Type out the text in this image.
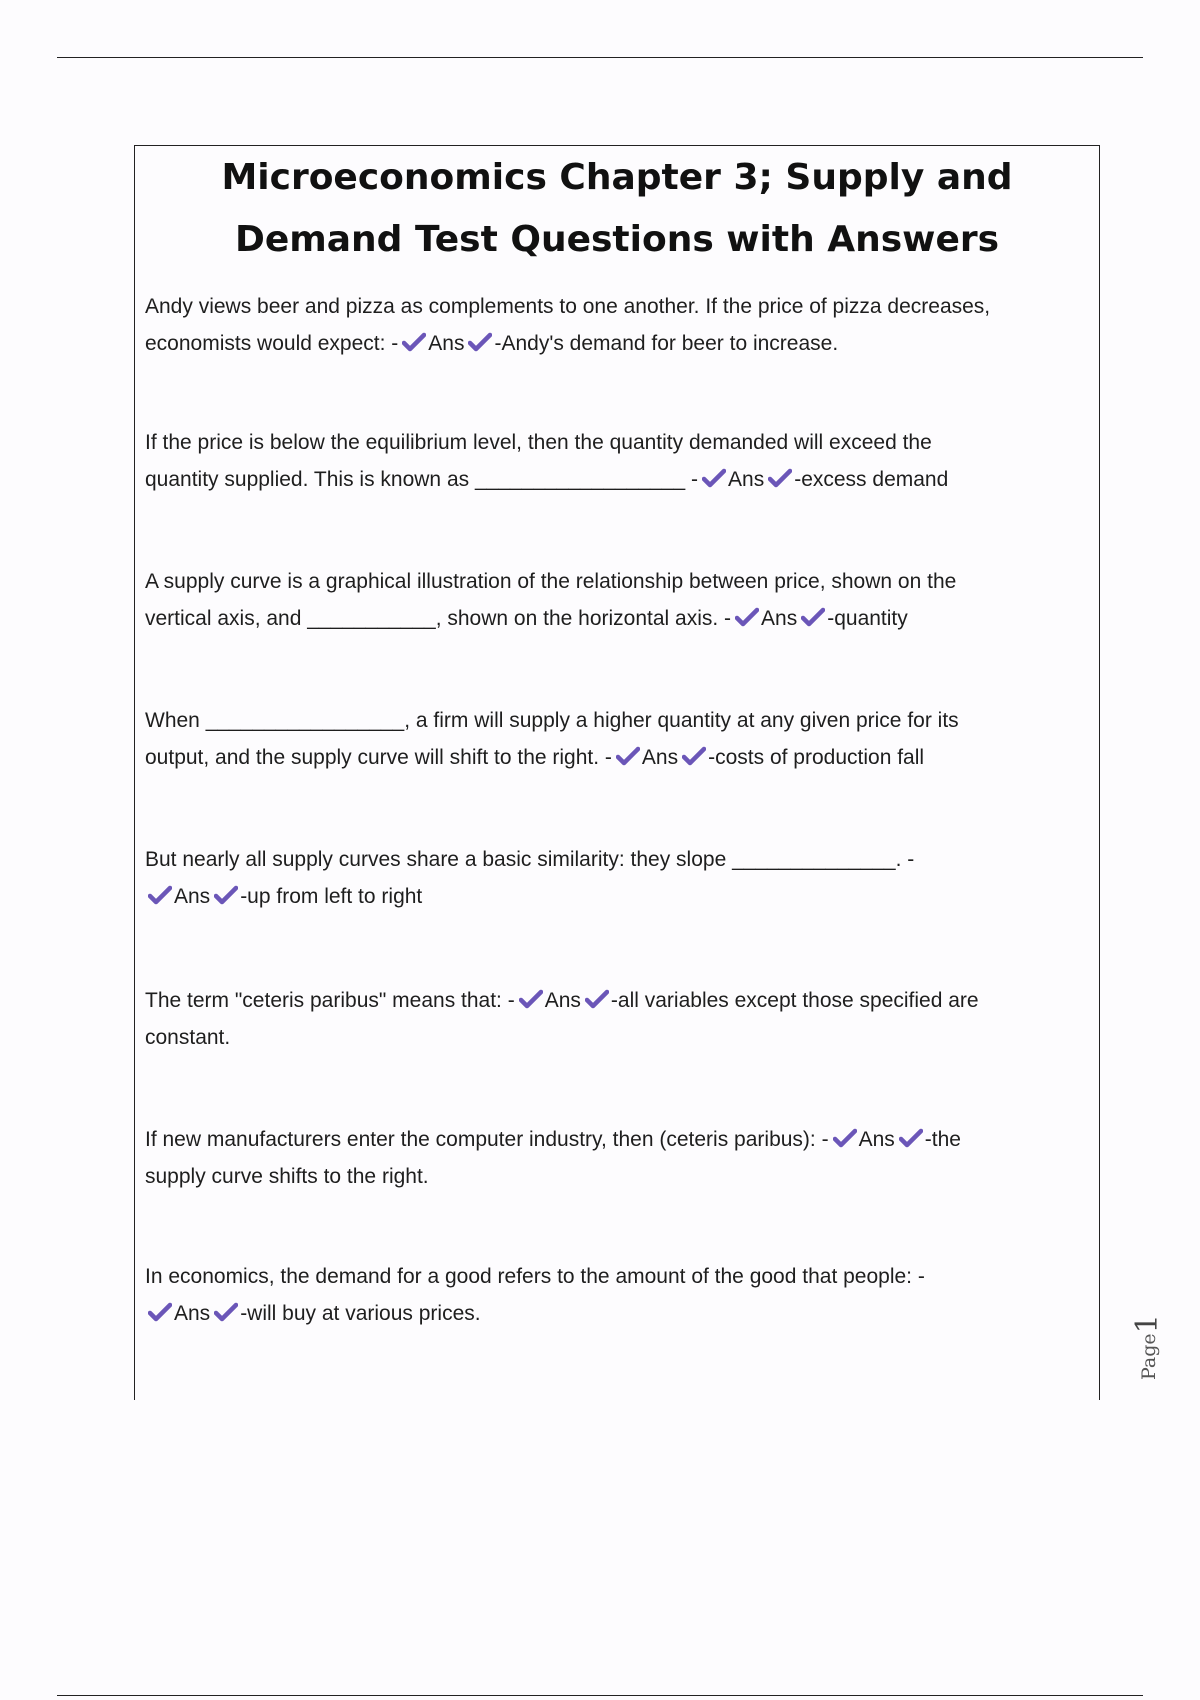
Microeconomics Chapter 3; Supply and
Demand Test Questions with Answers
Andy views beer and pizza as complements to one another. If the price of pizza decreases,
economists would expect: - Ans -Andy's demand for beer to increase.
If the price is below the equilibrium level, then the quantity demanded will exceed the
quantity supplied. This is known as __________________ - Ans -excess demand
A supply curve is a graphical illustration of the relationship between price, shown on the
vertical axis, and ___________, shown on the horizontal axis. - Ans -quantity
When _________________, a firm will supply a higher quantity at any given price for its
output, and the supply curve will shift to the right. - Ans -costs of production fall
But nearly all supply curves share a basic similarity: they slope ______________. -
Ans -up from left to right
The term "ceteris paribus" means that: - Ans -all variables except those specified are
constant.
If new manufacturers enter the computer industry, then (ceteris paribus): - Ans -the
supply curve shifts to the right.
In economics, the demand for a good refers to the amount of the good that people: -
Ans -will buy at various prices.
Page1
